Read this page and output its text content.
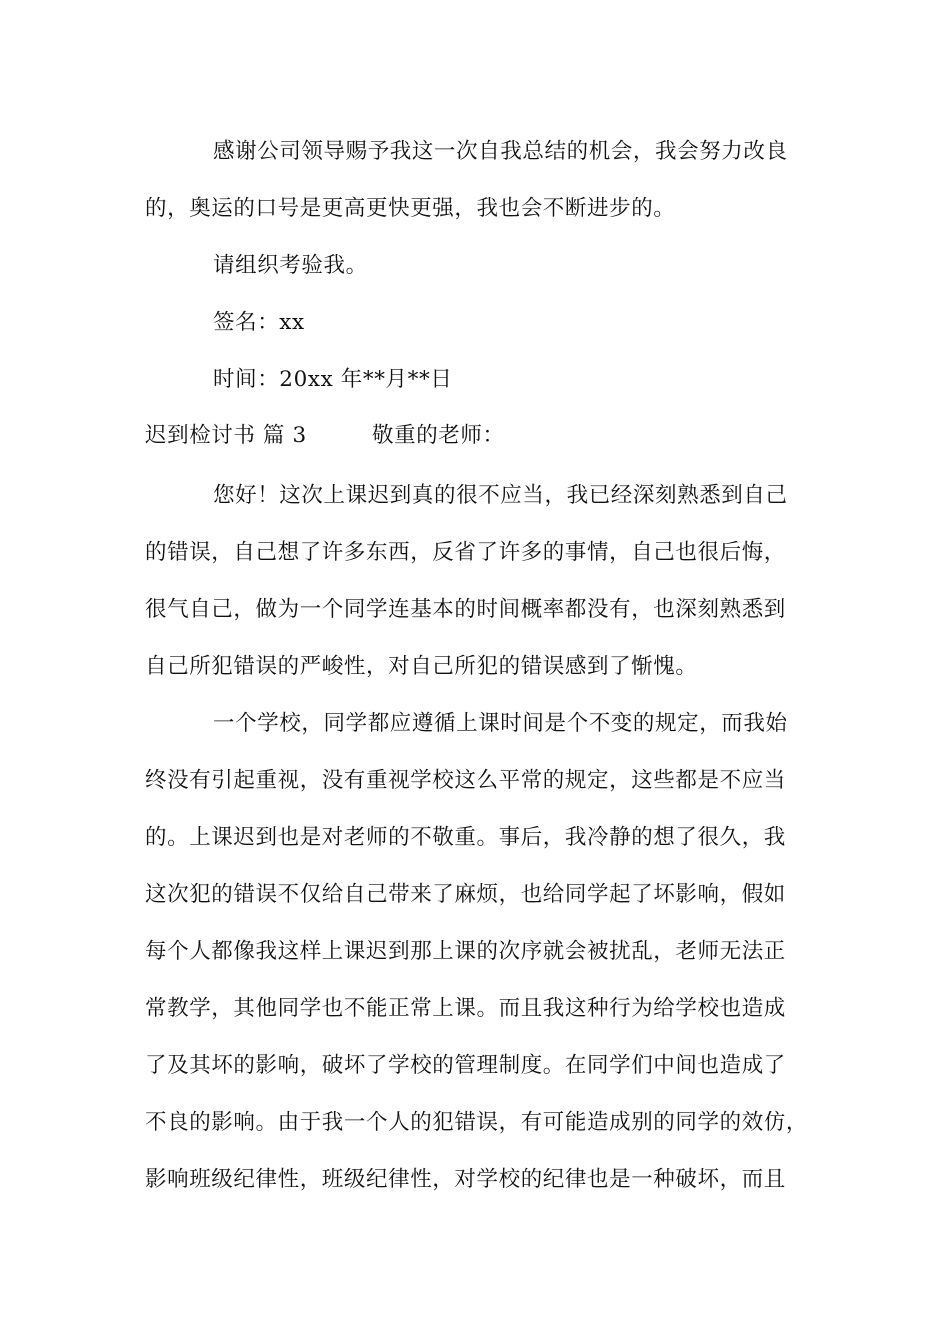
感谢公司领导赐予我这一次自我总结的机会，我会努力改良
的，奥运的口号是更高更快更强，我也会不断进步的。
请组织考验我。
签名：xx
时间：20xx 年**月**日
迟到检讨书 篇 3	敬重的老师：
您好！这次上课迟到真的很不应当，我已经深刻熟悉到自己
的错误，自己想了许多东西，反省了许多的事情，自己也很后悔，
很气自己，做为一个同学连基本的时间概率都没有，也深刻熟悉到
自己所犯错误的严峻性，对自己所犯的错误感到了惭愧。
一个学校，同学都应遵循上课时间是个不变的规定，而我始
终没有引起重视，没有重视学校这么平常的规定，这些都是不应当
的。上课迟到也是对老师的不敬重。事后，我冷静的想了很久，我
这次犯的错误不仅给自己带来了麻烦，也给同学起了坏影响，假如
每个人都像我这样上课迟到那上课的次序就会被扰乱，老师无法正
常教学，其他同学也不能正常上课。而且我这种行为给学校也造成
了及其坏的影响，破坏了学校的管理制度。在同学们中间也造成了
不良的影响。由于我一个人的犯错误，有可能造成别的同学的效仿，
影响班级纪律性，班级纪律性，对学校的纪律也是一种破坏，而且
